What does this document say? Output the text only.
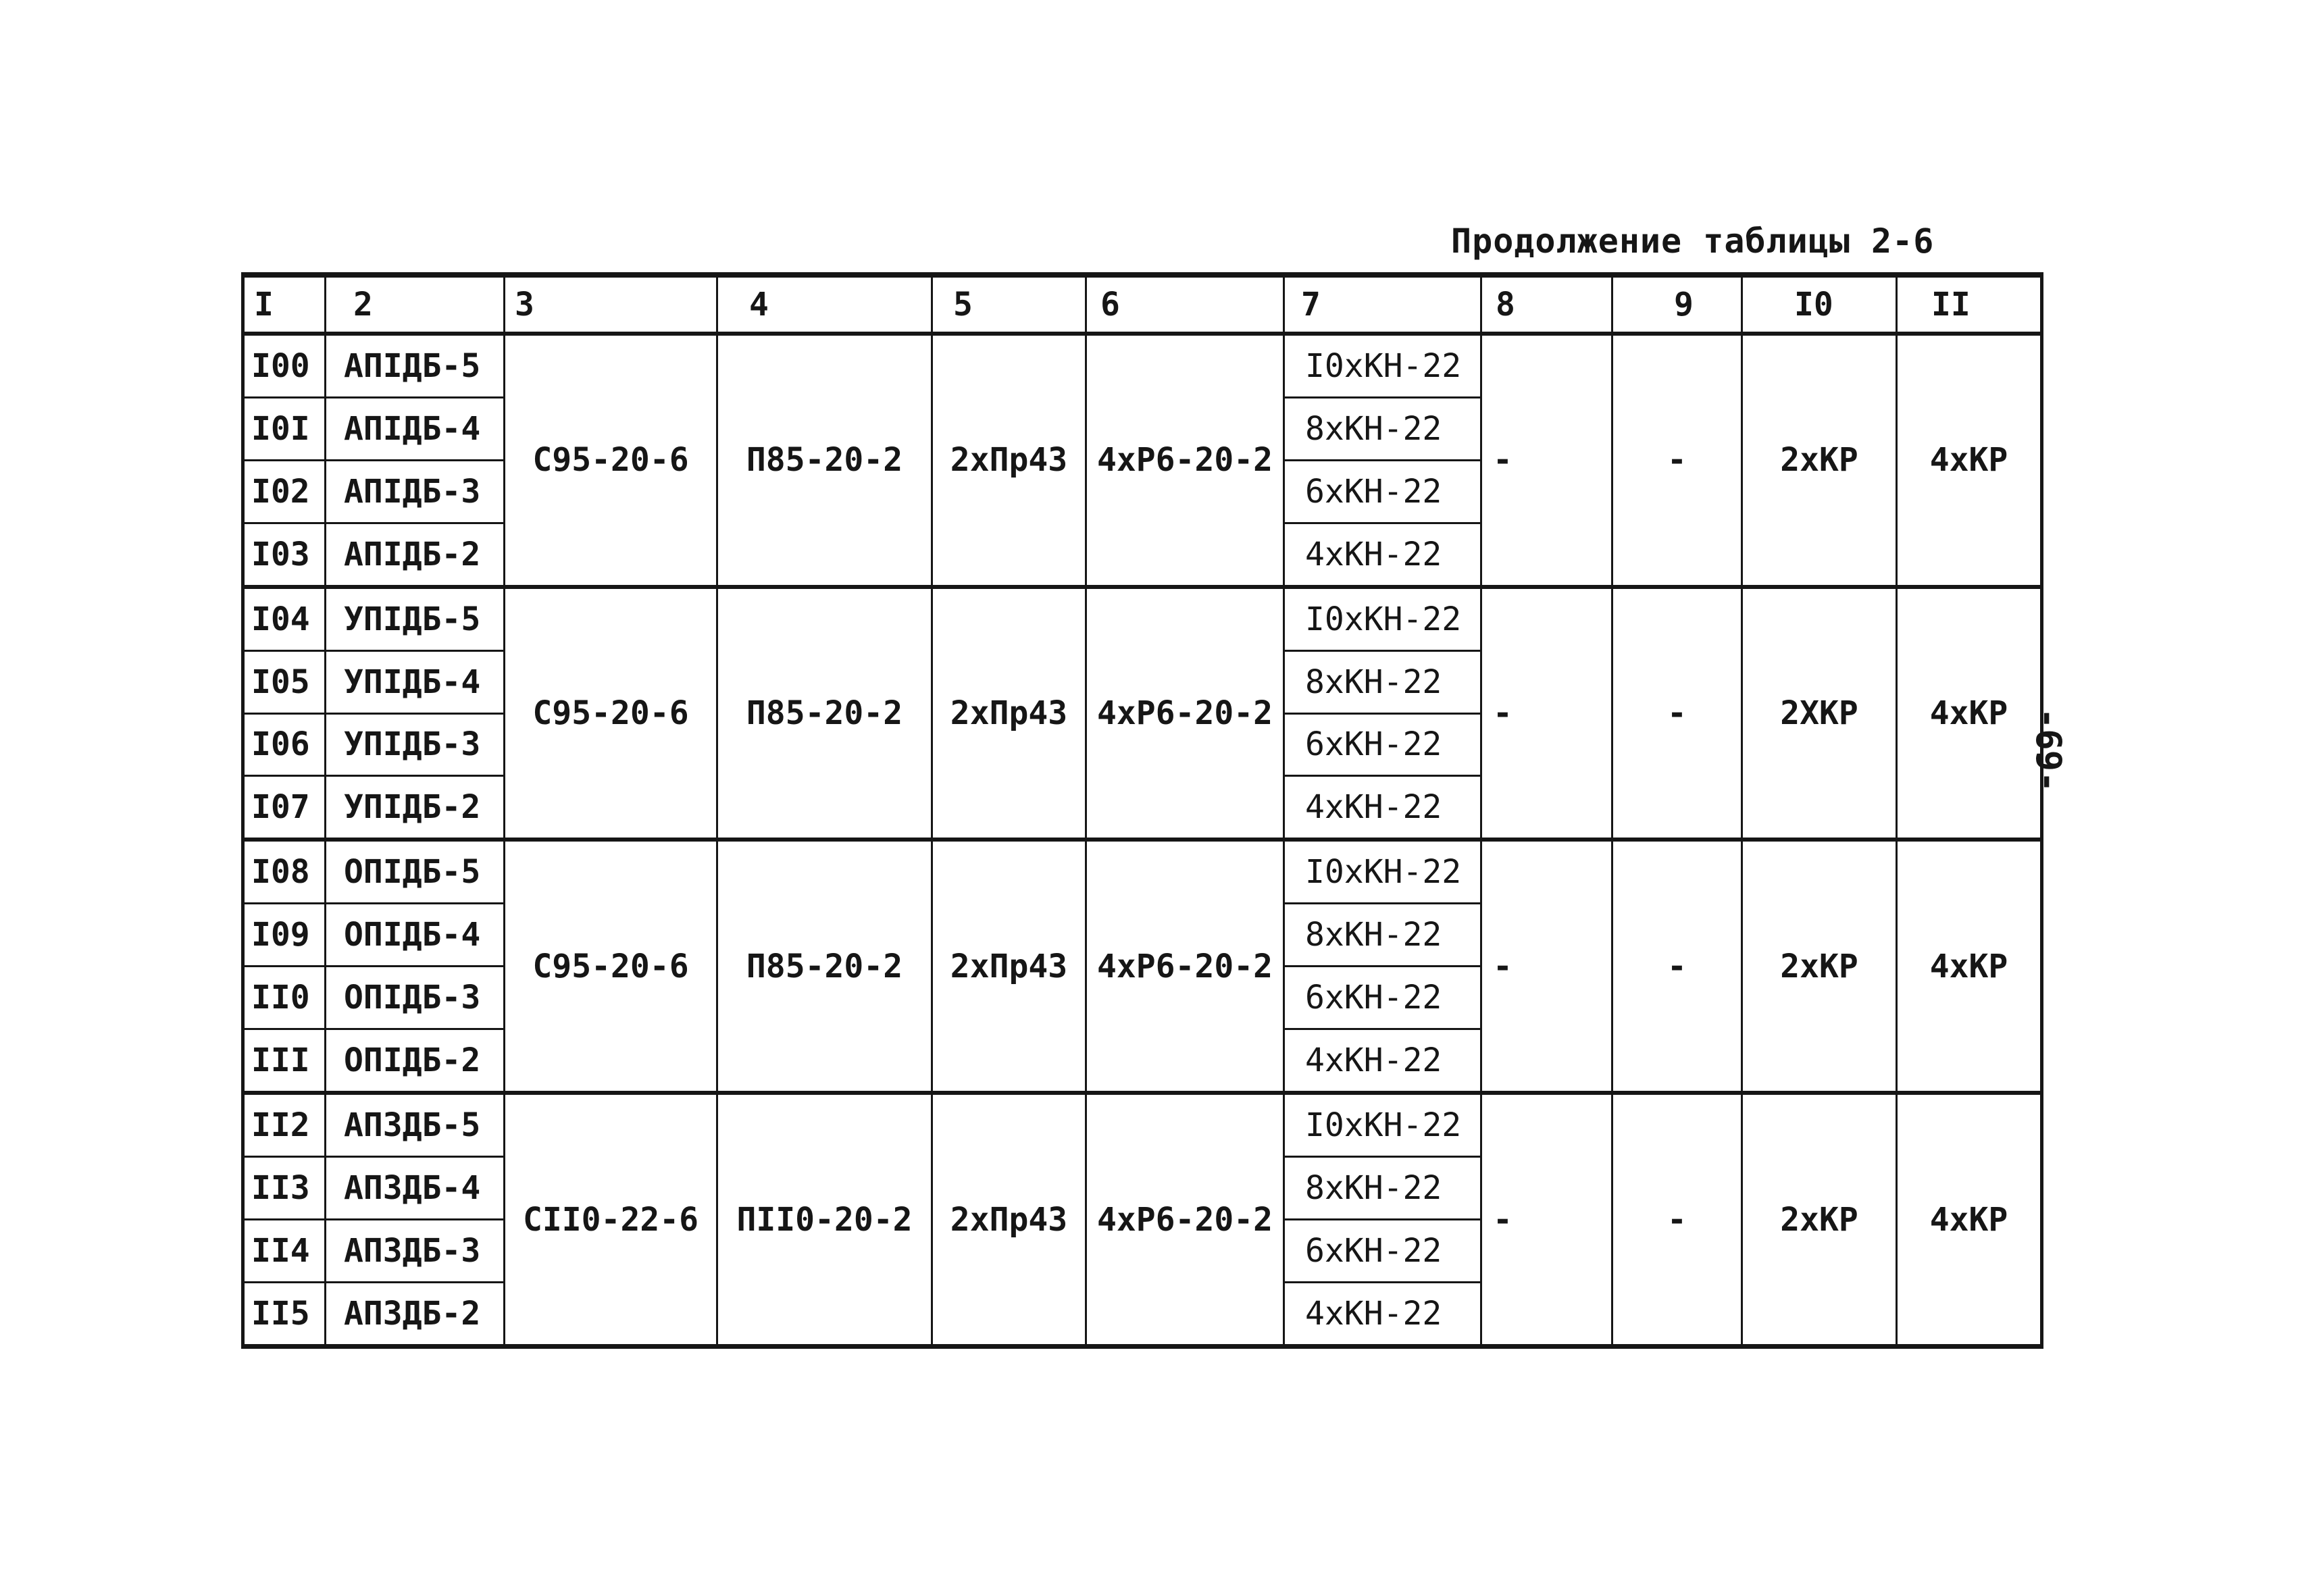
Продолжение таблицы 2-6
-69-
I	2	3	4	5	6	7	8	9	I0	II
I00	АПIДБ-5	С95-20-6	П85-20-2	2хПр43	4хР6-20-2	I0xКН-22	-	-	2хКР	4хКР
I0I	АПIДБ-4					8xКН-22				
I02	АПIДБ-3					6xКН-22				
I03	АПIДБ-2					4xКН-22				
I04	УПIДБ-5	С95-20-6	П85-20-2	2хПр43	4хР6-20-2	I0xКН-22	-	-	2ХКР	4хКР
I05	УПIДБ-4					8xКН-22				
I06	УПIДБ-3					6xКН-22				
I07	УПIДБ-2					4xКН-22				
I08	ОПIДБ-5	С95-20-6	П85-20-2	2хПр43	4хР6-20-2	I0xКН-22	-	-	2хКР	4хКР
I09	ОПIДБ-4					8xКН-22				
II0	ОПIДБ-3					6xКН-22				
III	ОПIДБ-2					4xКН-22				
II2	АП3ДБ-5	СII0-22-6	ПII0-20-2	2хПр43	4хР6-20-2	I0xКН-22	-	-	2хКР	4хКР
II3	АП3ДБ-4					8xКН-22				
II4	АП3ДБ-3					6xКН-22				
II5	АП3ДБ-2					4xКН-22				
